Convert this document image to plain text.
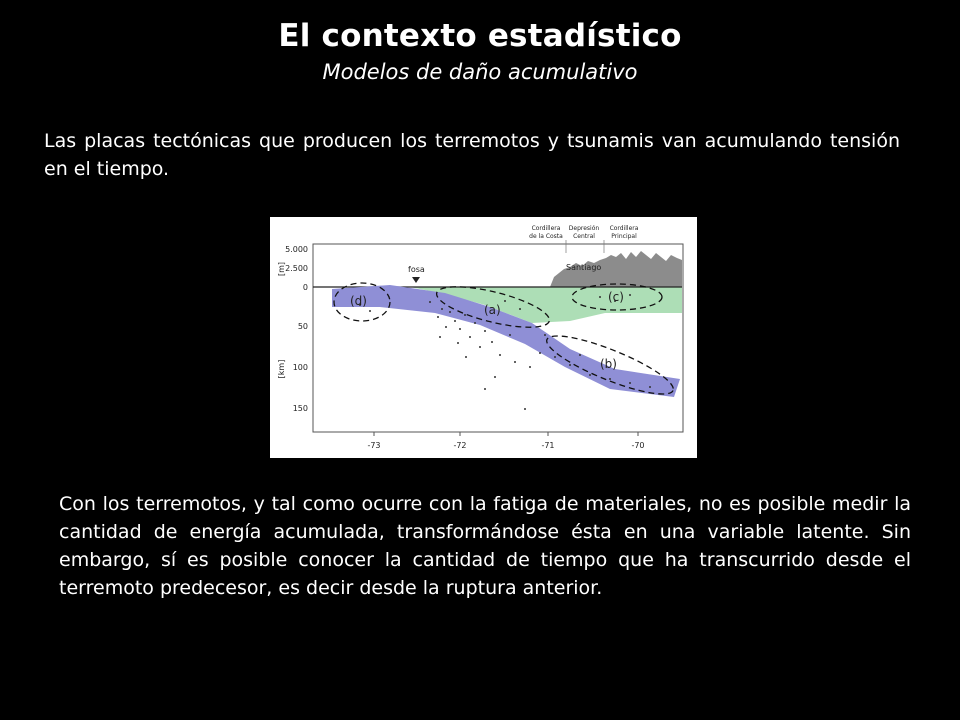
El contexto estadístico
Modelos de daño acumulativo
Las placas tectónicas que producen los terremotos y tsunamis van acumulando tensión en el tiempo.
(d)
(a)
(c)
(b)
fosa	Santiago
Cordillera
de la Costa
Depresión
Central
Cordillera
Principal
5.000
2.500
0
[m]
50
100
150
[km]
-73	-72	-71	-70
Con los terremotos, y tal como ocurre con la fatiga de materiales, no es posible medir la cantidad de energía acumulada, transformándose ésta en una variable latente. Sin embargo, sí es posible conocer la cantidad de tiempo que ha transcurrido desde el terremoto predecesor, es decir desde la ruptura anterior.
